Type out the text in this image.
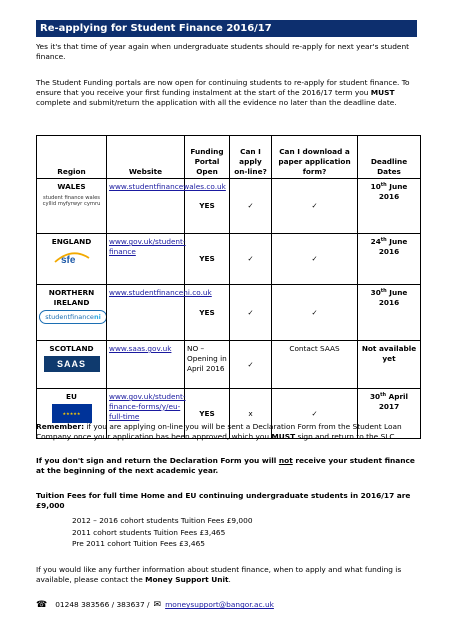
Re-applying for Student Finance 2016/17
Yes it's that time of year again when undergraduate students should re-apply for next year's student finance.
The Student Funding portals are now open for continuing students to re-apply for student finance. To ensure that you receive your first funding instalment at the start of the 2016/17 term you MUST complete and submit/return the application with all the evidence no later than the deadline date.
Region	Website	Funding Portal Open	Can I apply on-line?	Can I download a paper application form?	Deadline Dates

WALES
student finance wales
cyllid myfyrwyr cymru	www.studentfinancewales.co.uk	YES	✓	✓	10th June 2016

ENGLAND
sfe	www.gov.uk/student-finance	YES	✓	✓	24th June 2016

NORTHERN IRELAND
studentfinanceni	www.studentfinanceni.co.uk	YES	✓	✓	30th June 2016

SCOTLAND
SAAS	www.saas.gov.uk	NO – Opening in April 2016	✓	Contact SAAS	Not available yet

EU
★★★★★	www.gov.uk/student-finance-forms/y/eu-full-time	YES	x	✓	30th April 2017
Remember: if you are applying on-line you will be sent a Declaration Form from the Student Loan Company once your application has been approved, which you MUST sign and return to the SLC.
If you don't sign and return the Declaration Form you will not receive your student finance at the beginning of the next academic year.
Tuition Fees for full time Home and EU continuing undergraduate students in 2016/17 are £9,000
2012 – 2016 cohort students Tuition Fees £9,000
2011 cohort students Tuition Fees £3,465
Pre 2011 cohort Tuition Fees £3,465
If you would like any further information about student finance, when to apply and what funding is available, please contact the Money Support Unit.
☎ 01248 383566 / 383637 / ✉ moneysupport@bangor.ac.uk
